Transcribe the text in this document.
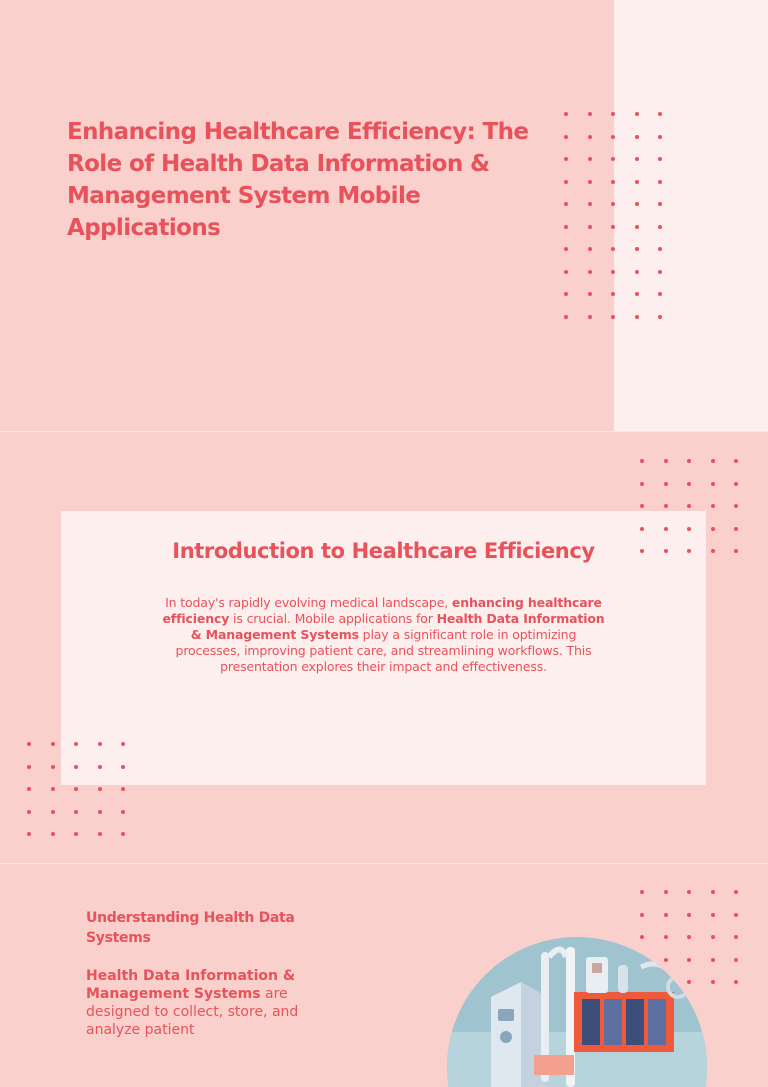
Enhancing Healthcare Efficiency: The Role of Health Data Information & Management System Mobile Applications
Introduction to Healthcare Efficiency

In today's rapidly evolving medical landscape, enhancing healthcare efficiency is crucial. Mobile applications for Health Data Information & Management Systems play a significant role in optimizing processes, improving patient care, and streamlining workflows. This presentation explores their impact and effectiveness.

Understanding Health Data Systems

Health Data Information & Management Systems are designed to collect, store, and analyze patient
